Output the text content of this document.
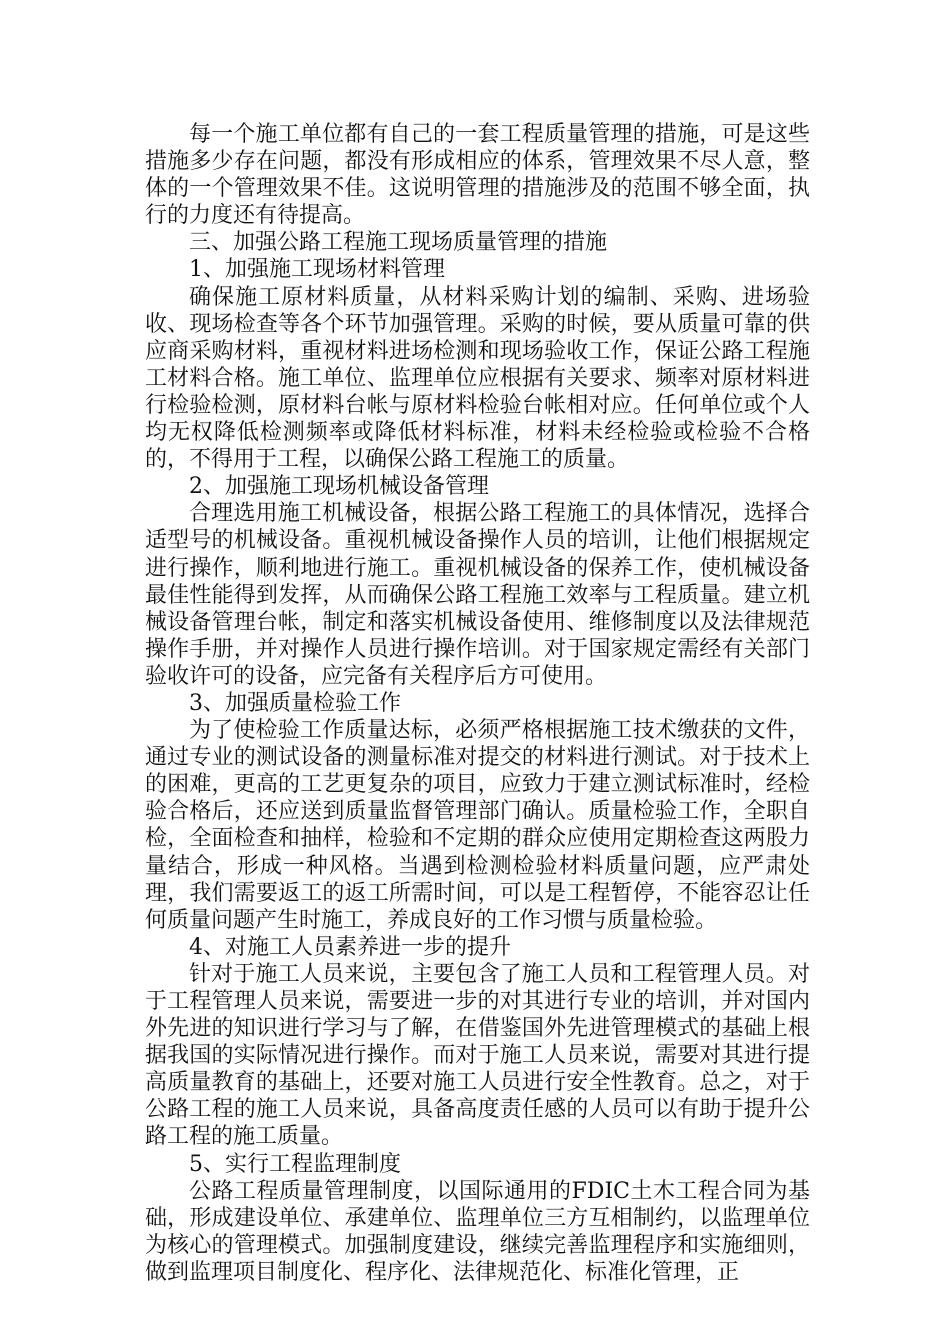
每一个施工单位都有自己的一套工程质量管理的措施，可是这些措施多少存在问题，都没有形成相应的体系，管理效果不尽人意，整体的一个管理效果不佳。这说明管理的措施涉及的范围不够全面，执行的力度还有待提高。

三、加强公路工程施工现场质量管理的措施

1、加强施工现场材料管理

确保施工原材料质量，从材料采购计划的编制、采购、进场验收、现场检查等各个环节加强管理。采购的时候，要从质量可靠的供应商采购材料，重视材料进场检测和现场验收工作，保证公路工程施工材料合格。施工单位、监理单位应根据有关要求、频率对原材料进行检验检测，原材料台帐与原材料检验台帐相对应。任何单位或个人均无权降低检测频率或降低材料标准，材料未经检验或检验不合格的，不得用于工程，以确保公路工程施工的质量。

2、加强施工现场机械设备管理

合理选用施工机械设备，根据公路工程施工的具体情况，选择合适型号的机械设备。重视机械设备操作人员的培训，让他们根据规定进行操作，顺利地进行施工。重视机械设备的保养工作，使机械设备最佳性能得到发挥，从而确保公路工程施工效率与工程质量。建立机械设备管理台帐，制定和落实机械设备使用、维修制度以及法律规范操作手册，并对操作人员进行操作培训。对于国家规定需经有关部门验收许可的设备，应完备有关程序后方可使用。

3、加强质量检验工作

为了使检验工作质量达标，必须严格根据施工技术缴获的文件，通过专业的测试设备的测量标准对提交的材料进行测试。对于技术上的困难，更高的工艺更复杂的项目，应致力于建立测试标准时，经检验合格后，还应送到质量监督管理部门确认。质量检验工作，全职自检，全面检查和抽样，检验和不定期的群众应使用定期检查这两股力量结合，形成一种风格。当遇到检测检验材料质量问题，应严肃处理，我们需要返工的返工所需时间，可以是工程暂停，不能容忍让任何质量问题产生时施工，养成良好的工作习惯与质量检验。

4、对施工人员素养进一步的提升

针对于施工人员来说，主要包含了施工人员和工程管理人员。对于工程管理人员来说，需要进一步的对其进行专业的培训，并对国内外先进的知识进行学习与了解，在借鉴国外先进管理模式的基础上根据我国的实际情况进行操作。而对于施工人员来说，需要对其进行提高质量教育的基础上，还要对施工人员进行安全性教育。总之，对于公路工程的施工人员来说，具备高度责任感的人员可以有助于提升公路工程的施工质量。

5、实行工程监理制度

公路工程质量管理制度，以国际通用的FDIC土木工程合同为基础，形成建设单位、承建单位、监理单位三方互相制约，以监理单位为核心的管理模式。加强制度建设，继续完善监理程序和实施细则，做到监理项目制度化、程序化、法律规范化、标准化管理，正
